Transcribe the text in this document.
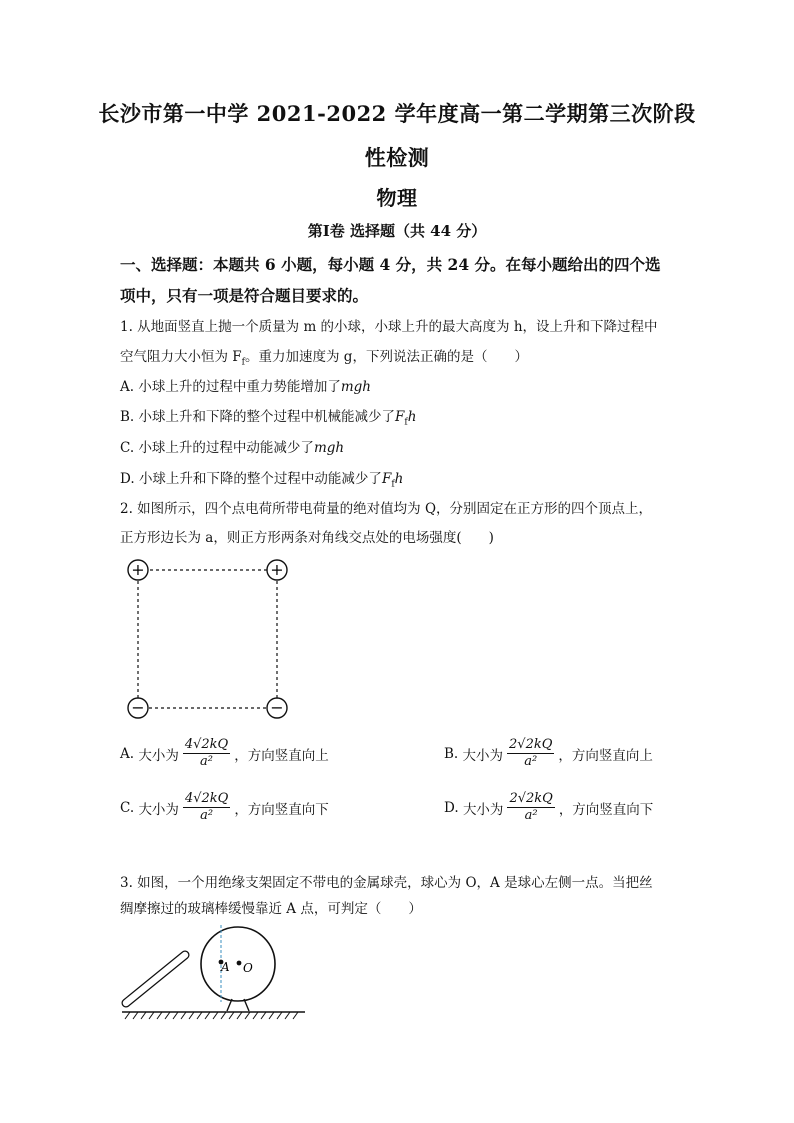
长沙市第一中学 2021-2022 学年度高一第二学期第三次阶段
性检测
物理
第Ⅰ卷 选择题（共 44 分）
一、选择题：本题共 6 小题，每小题 4 分，共 24 分。在每小题给出的四个选
项中，只有一项是符合题目要求的。
1. 从地面竖直上抛一个质量为 m 的小球，小球上升的最大高度为 h，设上升和下降过程中
空气阻力大小恒为 $F_f$。重力加速度为 g，下列说法正确的是（　　）
A. 小球上升的过程中重力势能增加了mgh
B. 小球上升和下降的整个过程中机械能减少了$F_fh$
C. 小球上升的过程中动能减少了mgh
D. 小球上升和下降的整个过程中动能减少了$F_fh$
2. 如图所示，四个点电荷所带电荷量的绝对值均为 Q，分别固定在正方形的四个顶点上，
正方形边长为 a，则正方形两条对角线交点处的电场强度(　　)
+	+
−	−
A.
大小为 $\frac{4√2kQ}{\text{a²}}$ ，方向竖直向上	B.
大小为 $\frac{2√2kQ}{\text{a²}}$ ，方向竖直向上
C.
大小为 $\frac{4√2kQ}{\text{a²}}$ ，方向竖直向下	D.
大小为 $\frac{2√2kQ}{\text{a²}}$ ，方向竖直向下
3. 如图，一个用绝缘支架固定不带电的金属球壳，球心为 O，A 是球心左侧一点。当把丝
绸摩擦过的玻璃棒缓慢靠近 A 点，可判定（　　）
A O
